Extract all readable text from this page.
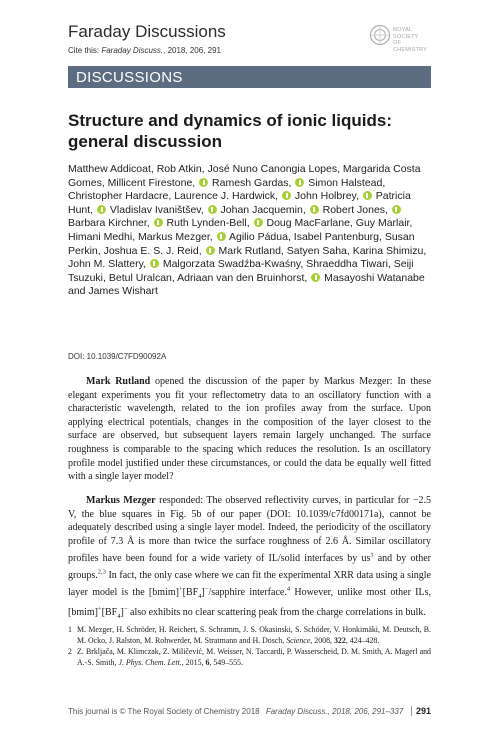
Faraday Discussions
Cite this: Faraday Discuss., 2018, 206, 291
ROYAL SOCIETY
OF CHEMISTRY
DISCUSSIONS
Structure and dynamics of ionic liquids: general discussion
Matthew Addicoat, Rob Atkin, José Nuno Canongia Lopes, Margarida Costa Gomes, Millicent Firestone,  Ramesh Gardas,  Simon Halstead, Christopher Hardacre, Laurence J. Hardwick,  John Holbrey,  Patricia Hunt,  Vladislav Ivaništšev,  Johan Jacquemin,  Robert Jones,  Barbara Kirchner,  Ruth Lynden-Bell,  Doug MacFarlane, Guy Marlair, Himani Medhi, Markus Mezger,  Agilio Pádua, Isabel Pantenburg, Susan Perkin, Joshua E. S. J. Reid,  Mark Rutland, Satyen Saha, Karina Shimizu, John M. Slattery,  Malgorzata Swadźba-Kwaśny, Shraeddha Tiwari, Seiji Tsuzuki, Betul Uralcan, Adriaan van den Bruinhorst,  Masayoshi Watanabe and James Wishart
DOI: 10.1039/C7FD90092A
Mark Rutland opened the discussion of the paper by Markus Mezger: In these elegant experiments you fit your reflectometry data to an oscillatory function with a characteristic wavelength, related to the ion profiles away from the surface. Upon applying electrical potentials, changes in the composition of the layer closest to the surface are observed, but subsequent layers remain largely unchanged. The surface roughness is comparable to the spacing which reduces the resolution. Is an oscillatory profile model justified under these circumstances, or could the data be equally well fitted with a single layer model?
Markus Mezger responded: The observed reflectivity curves, in particular for −2.5 V, the blue squares in Fig. 5b of our paper (DOI: 10.1039/c7fd00171a), cannot be adequately described using a single layer model. Indeed, the periodicity of the oscillatory profile of 7.3 Å is more than twice the surface roughness of 2.6 Å. Similar oscillatory profiles have been found for a wide variety of IL/solid interfaces by $us^1$ and by other groups.$^{2,3}$ In fact, the only case where we can fit the experimental XRR data using a single layer model is the $[bmim]^+[BF_4]^-$/sapphire interface.$^4$ However, unlike most other ILs, $[bmim]^+[BF_4]^-$ also exhibits no clear scattering peak from the charge correlations in bulk.
1 M. Mezger, H. Schröder, H. Reichert, S. Schramm, J. S. Okasinski, S. Schöder, V. Honkimäki, M. Deutsch, B. M. Ocko, J. Ralston, M. Rohwerder, M. Stratmann and H. Dosch, Science, 2008, 322, 424–428.
2 Z. Brkljača, M. Klimczak, Z. Miličević, M. Weisser, N. Taccardi, P. Wasserscheid, D. M. Smith, A. Magerl and A.-S. Smith, J. Phys. Chem. Lett., 2015, 6, 549–555.
This journal is © The Royal Society of Chemistry 2018 Faraday Discuss., 2018, 206, 291–337	291
